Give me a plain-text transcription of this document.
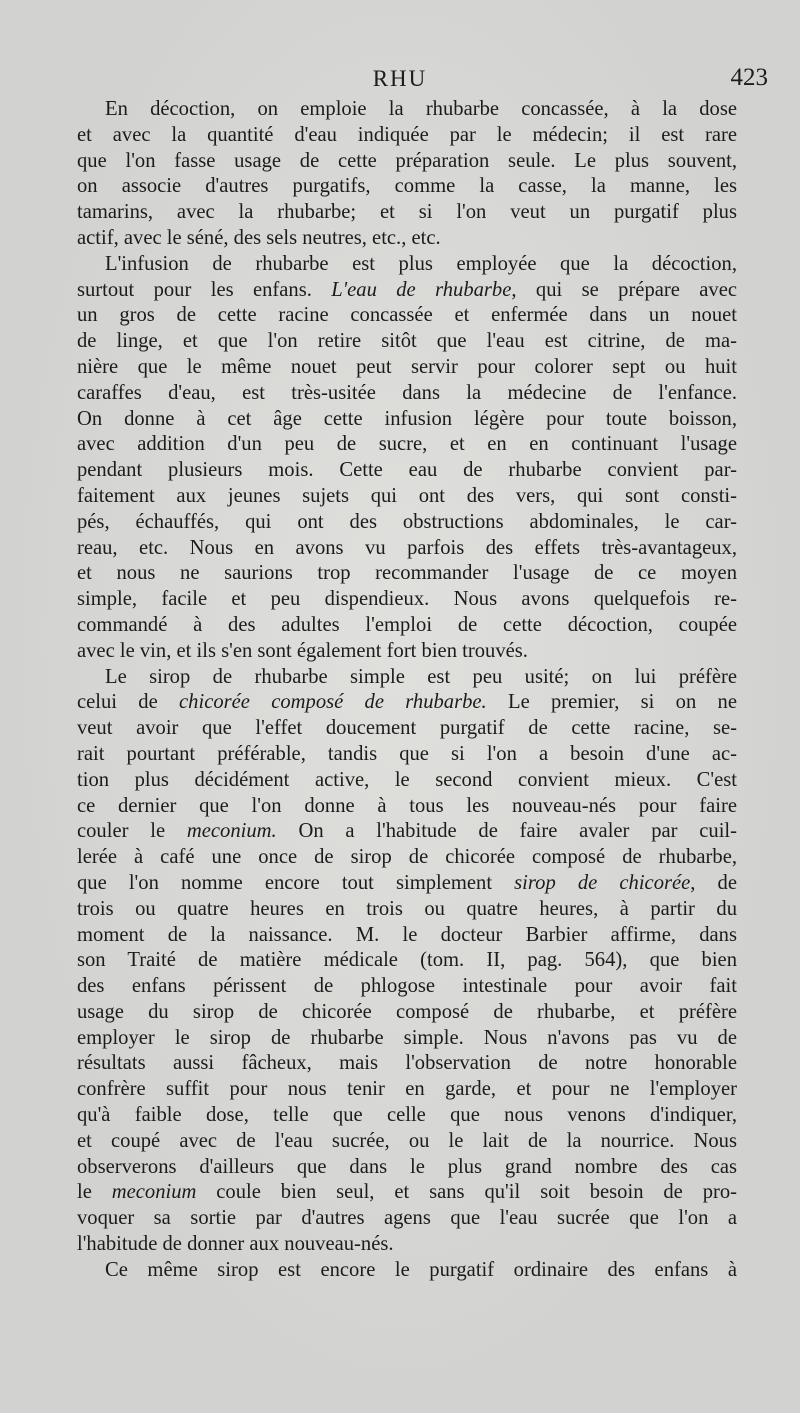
RHU	423
En décoction, on emploie la rhubarbe concassée, à la dose
et avec la quantité d'eau indiquée par le médecin; il est rare
que l'on fasse usage de cette préparation seule. Le plus souvent,
on associe d'autres purgatifs, comme la casse, la manne, les
tamarins, avec la rhubarbe; et si l'on veut un purgatif plus
actif, avec le séné, des sels neutres, etc., etc.
L'infusion de rhubarbe est plus employée que la décoction,
surtout pour les enfans. L'eau de rhubarbe, qui se prépare avec
un gros de cette racine concassée et enfermée dans un nouet
de linge, et que l'on retire sitôt que l'eau est citrine, de ma-
nière que le même nouet peut servir pour colorer sept ou huit
caraffes d'eau, est très-usitée dans la médecine de l'enfance.
On donne à cet âge cette infusion légère pour toute boisson,
avec addition d'un peu de sucre, et en en continuant l'usage
pendant plusieurs mois. Cette eau de rhubarbe convient par-
faitement aux jeunes sujets qui ont des vers, qui sont consti-
pés, échauffés, qui ont des obstructions abdominales, le car-
reau, etc. Nous en avons vu parfois des effets très-avantageux,
et nous ne saurions trop recommander l'usage de ce moyen
simple, facile et peu dispendieux. Nous avons quelquefois re-
commandé à des adultes l'emploi de cette décoction, coupée
avec le vin, et ils s'en sont également fort bien trouvés.
Le sirop de rhubarbe simple est peu usité; on lui préfère
celui de chicorée composé de rhubarbe. Le premier, si on ne
veut avoir que l'effet doucement purgatif de cette racine, se-
rait pourtant préférable, tandis que si l'on a besoin d'une ac-
tion plus décidément active, le second convient mieux. C'est
ce dernier que l'on donne à tous les nouveau-nés pour faire
couler le meconium. On a l'habitude de faire avaler par cuil-
lerée à café une once de sirop de chicorée composé de rhubarbe,
que l'on nomme encore tout simplement sirop de chicorée, de
trois ou quatre heures en trois ou quatre heures, à partir du
moment de la naissance. M. le docteur Barbier affirme, dans
son Traité de matière médicale (tom. II, pag. 564), que bien
des enfans périssent de phlogose intestinale pour avoir fait
usage du sirop de chicorée composé de rhubarbe, et préfère
employer le sirop de rhubarbe simple. Nous n'avons pas vu de
résultats aussi fâcheux, mais l'observation de notre honorable
confrère suffit pour nous tenir en garde, et pour ne l'employer
qu'à faible dose, telle que celle que nous venons d'indiquer,
et coupé avec de l'eau sucrée, ou le lait de la nourrice. Nous
observerons d'ailleurs que dans le plus grand nombre des cas
le meconium coule bien seul, et sans qu'il soit besoin de pro-
voquer sa sortie par d'autres agens que l'eau sucrée que l'on a
l'habitude de donner aux nouveau-nés.
Ce même sirop est encore le purgatif ordinaire des enfans à
